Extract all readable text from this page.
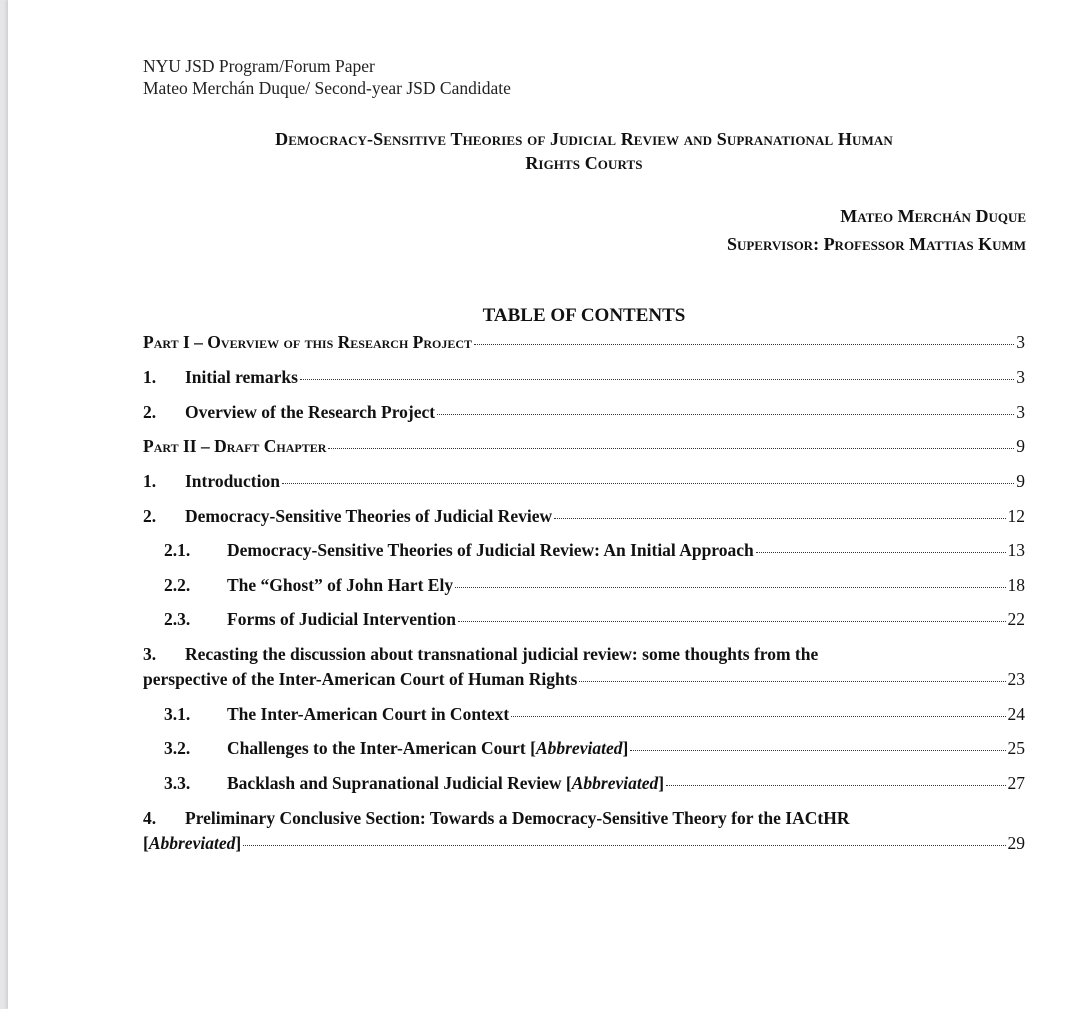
NYU JSD Program/Forum Paper
Mateo Merchán Duque/ Second-year JSD Candidate
Democracy-Sensitive Theories of Judicial Review and Supranational Human
Rights Courts
Mateo Merchán Duque
Supervisor: Professor Mattias Kumm
TABLE OF CONTENTS
Part I – Overview of this Research Project	3
1.	Initial remarks	3
2.	Overview of the Research Project	3
Part II – Draft Chapter	9
1.	Introduction	9
2.	Democracy-Sensitive Theories of Judicial Review	12
2.1.	Democracy-Sensitive Theories of Judicial Review: An Initial Approach	13
2.2.	The “Ghost” of John Hart Ely	18
2.3.	Forms of Judicial Intervention	22
3. Recasting the discussion about transnational judicial review: some thoughts from the
perspective of the Inter-American Court of Human Rights	23
3.1.	The Inter-American Court in Context	24
3.2.	Challenges to the Inter-American Court [Abbreviated]	25
3.3.	Backlash and Supranational Judicial Review [Abbreviated]	27
4. Preliminary Conclusive Section: Towards a Democracy-Sensitive Theory for the IACtHR
[Abbreviated]	29
